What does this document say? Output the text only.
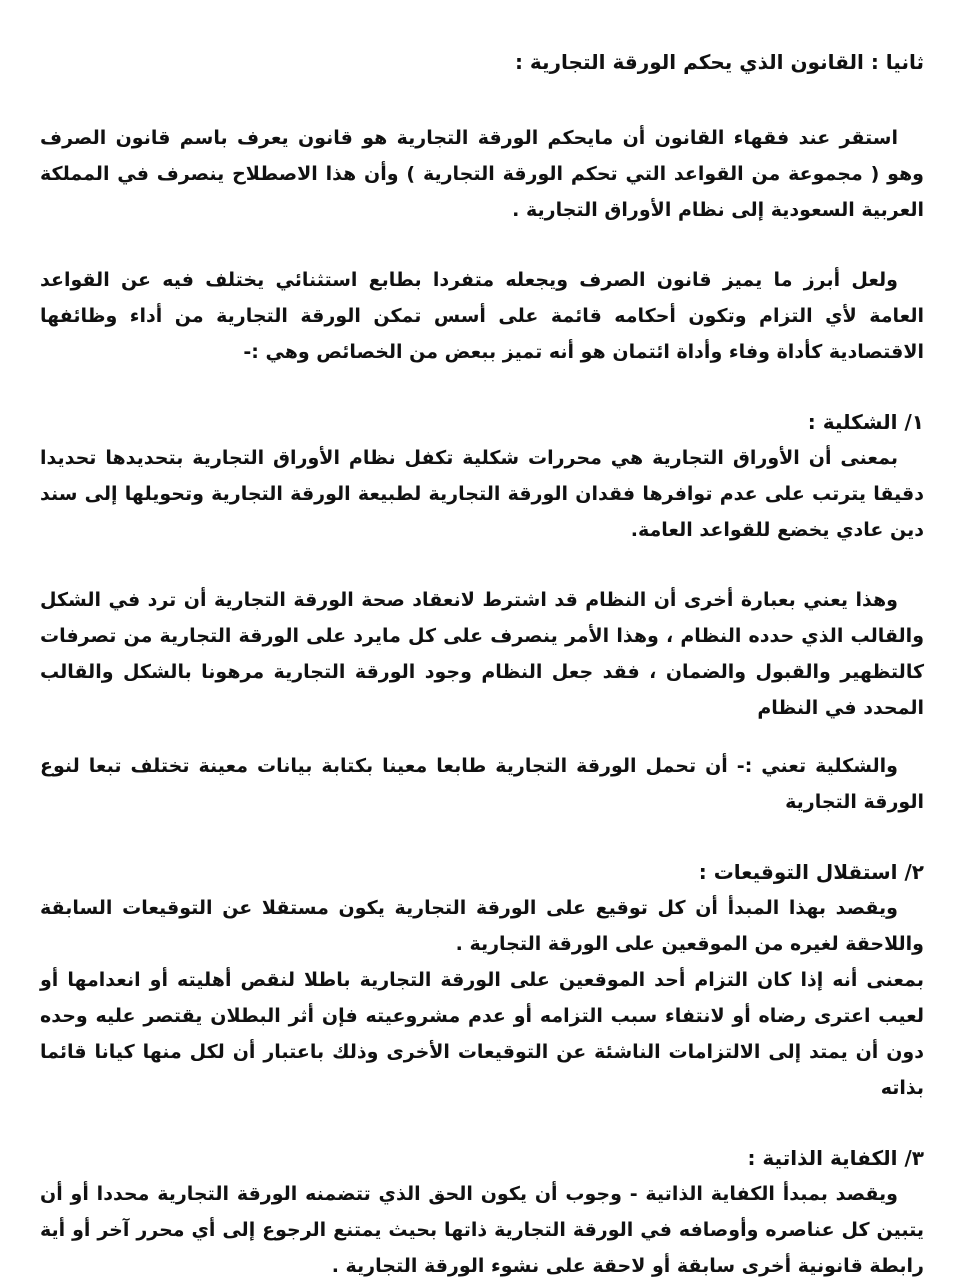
ثانيا : القانون الذي يحكم الورقة التجارية :

استقر عند فقهاء القانون أن مايحكم الورقة التجارية هو قانون يعرف باسم قانون الصرف وهو ( مجموعة من القواعد التي تحكم الورقة التجارية ) وأن هذا الاصطلاح ينصرف في المملكة العربية السعودية إلى نظام الأوراق التجارية .

ولعل أبرز ما يميز قانون الصرف ويجعله متفردا بطابع استثنائي يختلف فيه عن القواعد العامة لأي التزام وتكون أحكامه قائمة على أسس تمكن الورقة التجارية من أداء وظائفها الاقتصادية كأداة وفاء وأداة ائتمان هو أنه تميز ببعض من الخصائص وهي :-

١/ الشكلية :

بمعنى أن الأوراق التجارية هي محررات شكلية تكفل نظام الأوراق التجارية بتحديدها تحديدا دقيقا يترتب على عدم توافرها فقدان الورقة التجارية لطبيعة الورقة التجارية وتحويلها إلى سند دين عادي يخضع للقواعد العامة.

وهذا يعني بعبارة أخرى أن النظام قد اشترط لانعقاد صحة الورقة التجارية أن ترد في الشكل والقالب الذي حدده النظام ، وهذا الأمر ينصرف على كل مايرد على الورقة التجارية من تصرفات كالتظهير والقبول والضمان ، فقد جعل النظام وجود الورقة التجارية مرهونا بالشكل والقالب المحدد في النظام

والشكلية تعني :- أن تحمل الورقة التجارية طابعا معينا بكتابة بيانات معينة تختلف تبعا لنوع الورقة التجارية

٢/ استقلال التوقيعات :

ويقصد بهذا المبدأ أن كل توقيع على الورقة التجارية يكون مستقلا عن التوقيعات السابقة واللاحقة لغيره من الموقعين على الورقة التجارية .

بمعنى أنه إذا كان التزام أحد الموقعين على الورقة التجارية باطلا لنقص أهليته أو انعدامها أو لعيب اعترى رضاه أو لانتفاء سبب التزامه أو عدم مشروعيته فإن أثر البطلان يقتصر عليه وحده دون أن يمتد إلى الالتزامات الناشئة عن التوقيعات الأخرى وذلك باعتبار أن لكل منها كيانا قائما بذاته

٣/ الكفاية الذاتية :

ويقصد بمبدأ الكفاية الذاتية - وجوب أن يكون الحق الذي تتضمنه الورقة التجارية محددا أو أن يتبين كل عناصره وأوصافه في الورقة التجارية ذاتها بحيث يمتنع الرجوع إلى أي محرر آخر أو أية رابطة قانونية أخرى سابقة أو لاحقة على نشوء الورقة التجارية .
